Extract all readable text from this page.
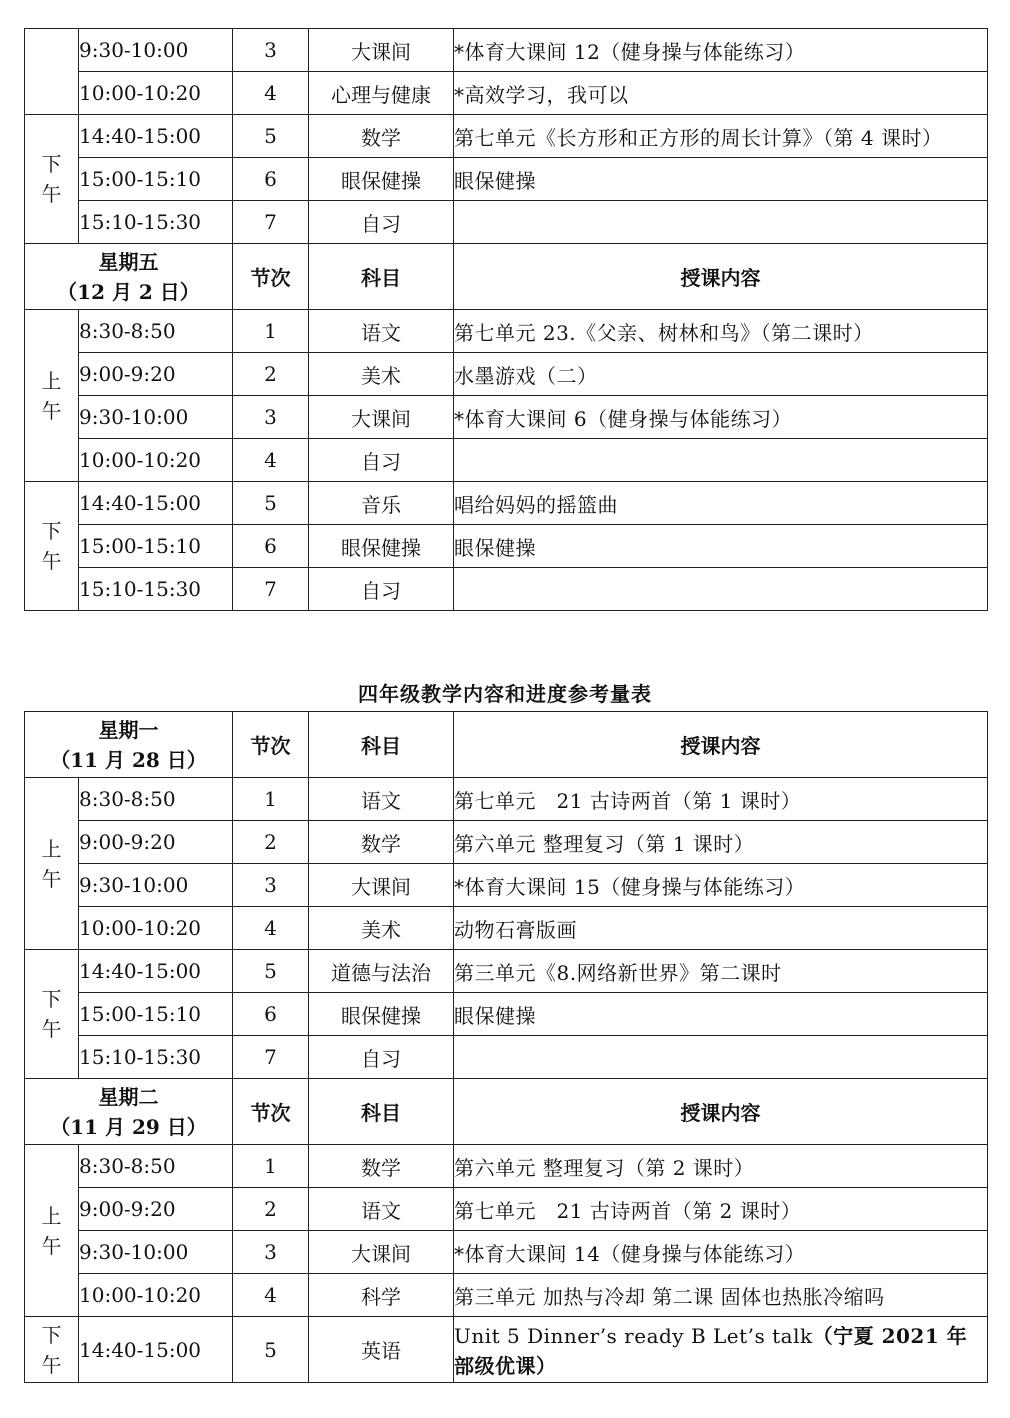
	9:30-10:00	3	大课间	*体育大课间 12（健身操与体能练习）
	10:00-10:20	4	心理与健康	*高效学习，我可以
下
午	14:40-15:00	5	数学	第七单元《长方形和正方形的周长计算》（第 4 课时）
	15:00-15:10	6	眼保健操	眼保健操
	15:10-15:30	7	自习	

星期五
（12 月 2 日）		节次	科目	授课内容
上
午	8:30-8:50	1	语文	第七单元 23.《父亲、树林和鸟》（第二课时）
	9:00-9:20	2	美术	水墨游戏（二）
	9:30-10:00	3	大课间	*体育大课间 6（健身操与体能练习）
	10:00-10:20	4	自习	
下
午	14:40-15:00	5	音乐	唱给妈妈的摇篮曲
	15:00-15:10	6	眼保健操	眼保健操
	15:10-15:30	7	自习	
四年级教学内容和进度参考量表
星期一
（11 月 28 日）		节次	科目	授课内容
上
午	8:30-8:50	1	语文	第七单元　21 古诗两首（第 1 课时）
	9:00-9:20	2	数学	第六单元 整理复习（第 1 课时）
	9:30-10:00	3	大课间	*体育大课间 15（健身操与体能练习）
	10:00-10:20	4	美术	动物石膏版画
下
午	14:40-15:00	5	道德与法治	第三单元《8.网络新世界》第二课时
	15:00-15:10	6	眼保健操	眼保健操
	15:10-15:30	7	自习	

星期二
（11 月 29 日）		节次	科目	授课内容
上
午	8:30-8:50	1	数学	第六单元 整理复习（第 2 课时）
	9:00-9:20	2	语文	第七单元　21 古诗两首（第 2 课时）
	9:30-10:00	3	大课间	*体育大课间 14（健身操与体能练习）
	10:00-10:20	4	科学	第三单元 加热与冷却 第二课 固体也热胀冷缩吗
下
午	14:40-15:00	5	英语	Unit 5 Dinner’s ready B Let’s talk（宁夏 2021 年部级优课）
